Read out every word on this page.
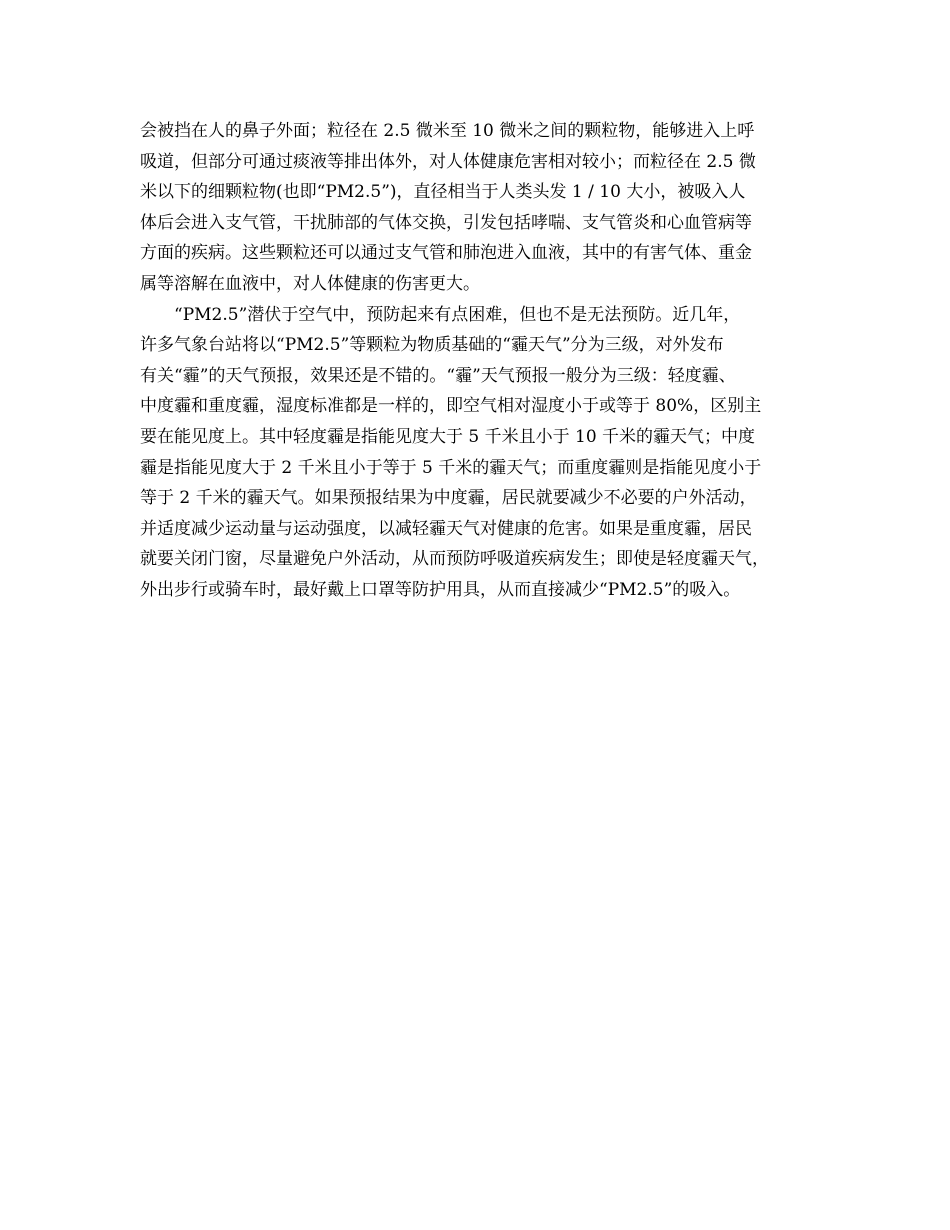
会被挡在人的鼻子外面；粒径在 2.5 微米至 10 微米之间的颗粒物，能够进入上呼
吸道，但部分可通过痰液等排出体外，对人体健康危害相对较小；而粒径在 2.5 微
米以下的细颗粒物(也即“PM2.5”)，直径相当于人类头发 1 / 10 大小，被吸入人
体后会进入支气管，干扰肺部的气体交换，引发包括哮喘、支气管炎和心血管病等
方面的疾病。这些颗粒还可以通过支气管和肺泡进入血液，其中的有害气体、重金
属等溶解在血液中，对人体健康的伤害更大。
“PM2.5”潜伏于空气中，预防起来有点困难，但也不是无法预防。近几年，
许多气象台站将以“PM2.5”等颗粒为物质基础的“霾天气”分为三级，对外发布
有关“霾”的天气预报，效果还是不错的。“霾”天气预报一般分为三级：轻度霾、
中度霾和重度霾，湿度标准都是一样的，即空气相对湿度小于或等于 80%，区别主
要在能见度上。其中轻度霾是指能见度大于 5 千米且小于 10 千米的霾天气；中度
霾是指能见度大于 2 千米且小于等于 5 千米的霾天气；而重度霾则是指能见度小于
等于 2 千米的霾天气。如果预报结果为中度霾，居民就要减少不必要的户外活动，
并适度减少运动量与运动强度，以减轻霾天气对健康的危害。如果是重度霾，居民
就要关闭门窗，尽量避免户外活动，从而预防呼吸道疾病发生；即使是轻度霾天气，
外出步行或骑车时，最好戴上口罩等防护用具，从而直接减少“PM2.5”的吸入。
